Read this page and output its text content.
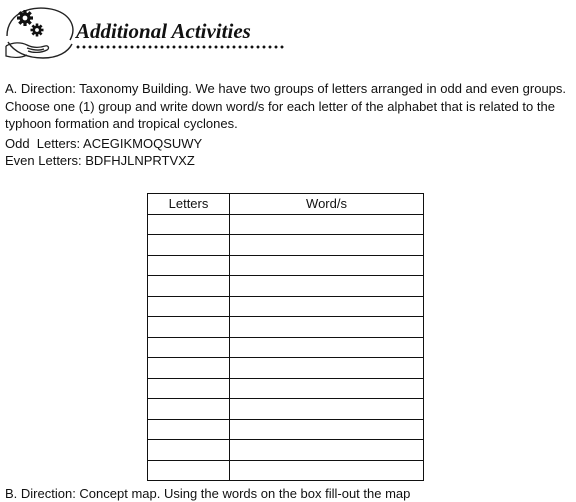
Additional Activities

A. Direction: Taxonomy Building. We have two groups of letters arranged in odd and even groups. Choose one (1) group and write down word/s for each letter of the alphabet that is related to the typhoon formation and tropical cyclones.

Odd  Letters: ACEGIKMOQSUWY

Even Letters: BDFHJLNPRTVXZ

Letters	Word/s

B. Direction: Concept map. Using the words on the box fill-out the map
